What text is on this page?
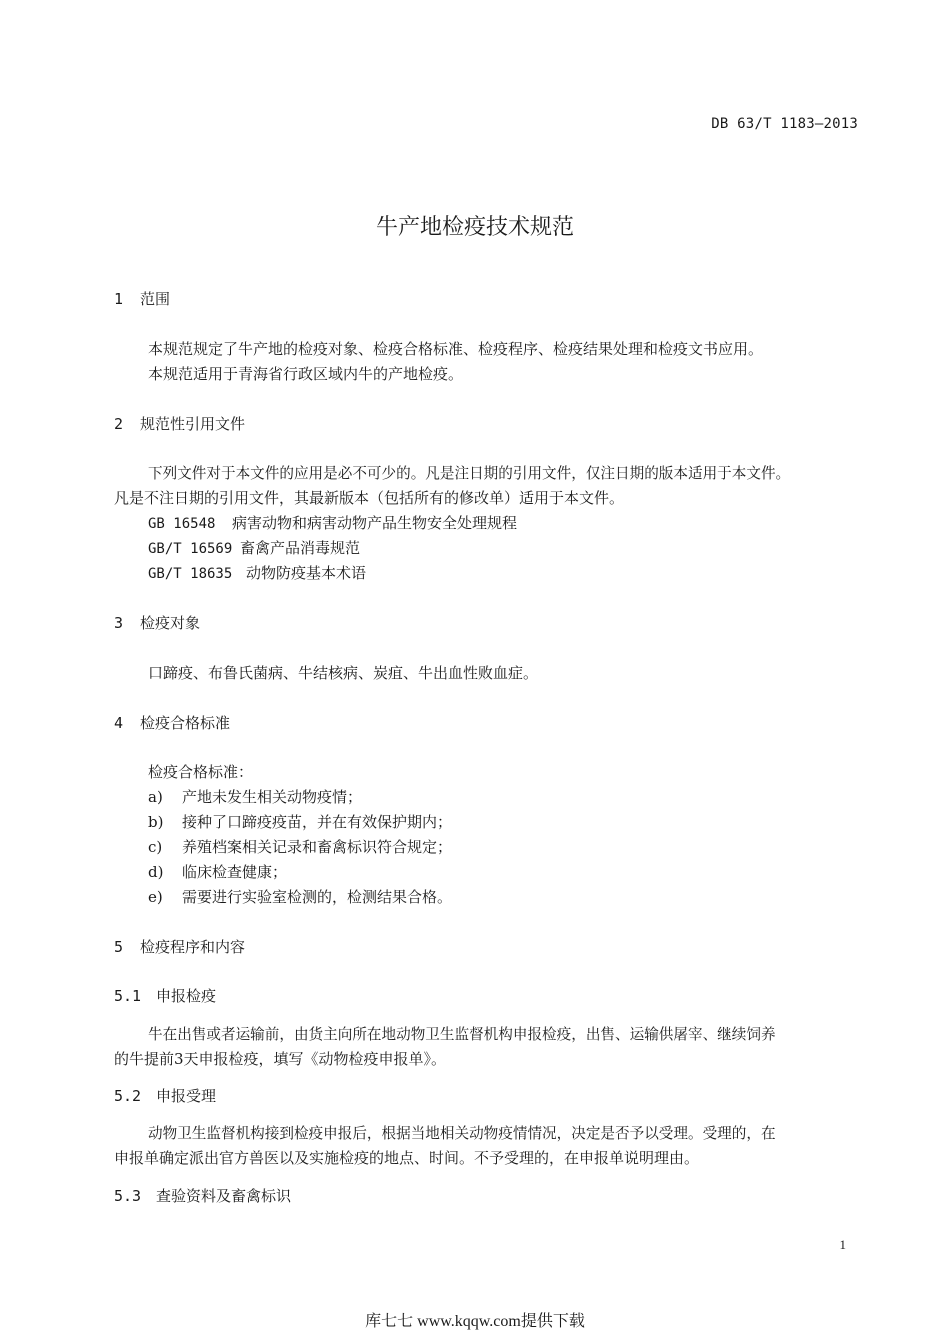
DB 63/T 1183—2013
牛产地检疫技术规范
1 范围
本规范规定了牛产地的检疫对象、检疫合格标准、检疫程序、检疫结果处理和检疫文书应用。
本规范适用于青海省行政区域内牛的产地检疫。
2 规范性引用文件
下列文件对于本文件的应用是必不可少的。凡是注日期的引用文件，仅注日期的版本适用于本文件。
凡是不注日期的引用文件，其最新版本（包括所有的修改单）适用于本文件。
GB 16548 病害动物和病害动物产品生物安全处理规程
GB/T 16569 畜禽产品消毒规范
GB/T 18635 动物防疫基本术语
3 检疫对象
口蹄疫、布鲁氏菌病、牛结核病、炭疽、牛出血性败血症。
4 检疫合格标准
检疫合格标准：
a) 产地未发生相关动物疫情；
b) 接种了口蹄疫疫苗，并在有效保护期内；
c) 养殖档案相关记录和畜禽标识符合规定；
d) 临床检查健康；
e) 需要进行实验室检测的，检测结果合格。
5 检疫程序和内容
5.1 申报检疫
牛在出售或者运输前，由货主向所在地动物卫生监督机构申报检疫，出售、运输供屠宰、继续饲养
的牛提前3天申报检疫，填写《动物检疫申报单》。
5.2 申报受理
动物卫生监督机构接到检疫申报后，根据当地相关动物疫情情况，决定是否予以受理。受理的，在
申报单确定派出官方兽医以及实施检疫的地点、时间。不予受理的，在申报单说明理由。
5.3 查验资料及畜禽标识
1
库七七 www.kqqw.com提供下载
